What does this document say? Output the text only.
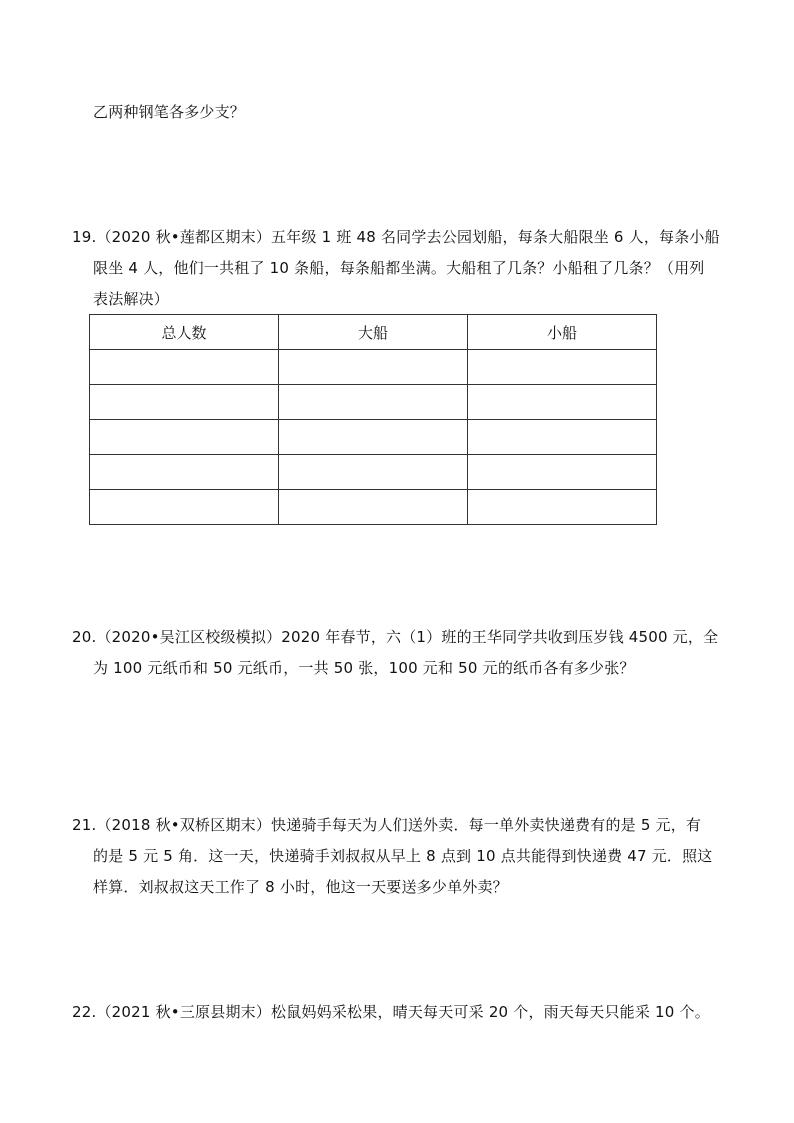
乙两种钢笔各多少支？
19.（2020 秋•莲都区期末）五年级 1 班 48 名同学去公园划船，每条大船限坐 6 人，每条小船
限坐 4 人，他们一共租了 10 条船，每条船都坐满。大船租了几条？小船租了几条？（用列
表法解决）
总人数	大船	小船

20.（2020•吴江区校级模拟）2020 年春节，六（1）班的王华同学共收到压岁钱 4500 元，全
为 100 元纸币和 50 元纸币，一共 50 张，100 元和 50 元的纸币各有多少张？
21.（2018 秋•双桥区期末）快递骑手每天为人们送外卖．每一单外卖快递费有的是 5 元，有
的是 5 元 5 角．这一天，快递骑手刘叔叔从早上 8 点到 10 点共能得到快递费 47 元．照这
样算．刘叔叔这天工作了 8 小时，他这一天要送多少单外卖？
22.（2021 秋•三原县期末）松鼠妈妈采松果，晴天每天可采 20 个，雨天每天只能采 10 个。
